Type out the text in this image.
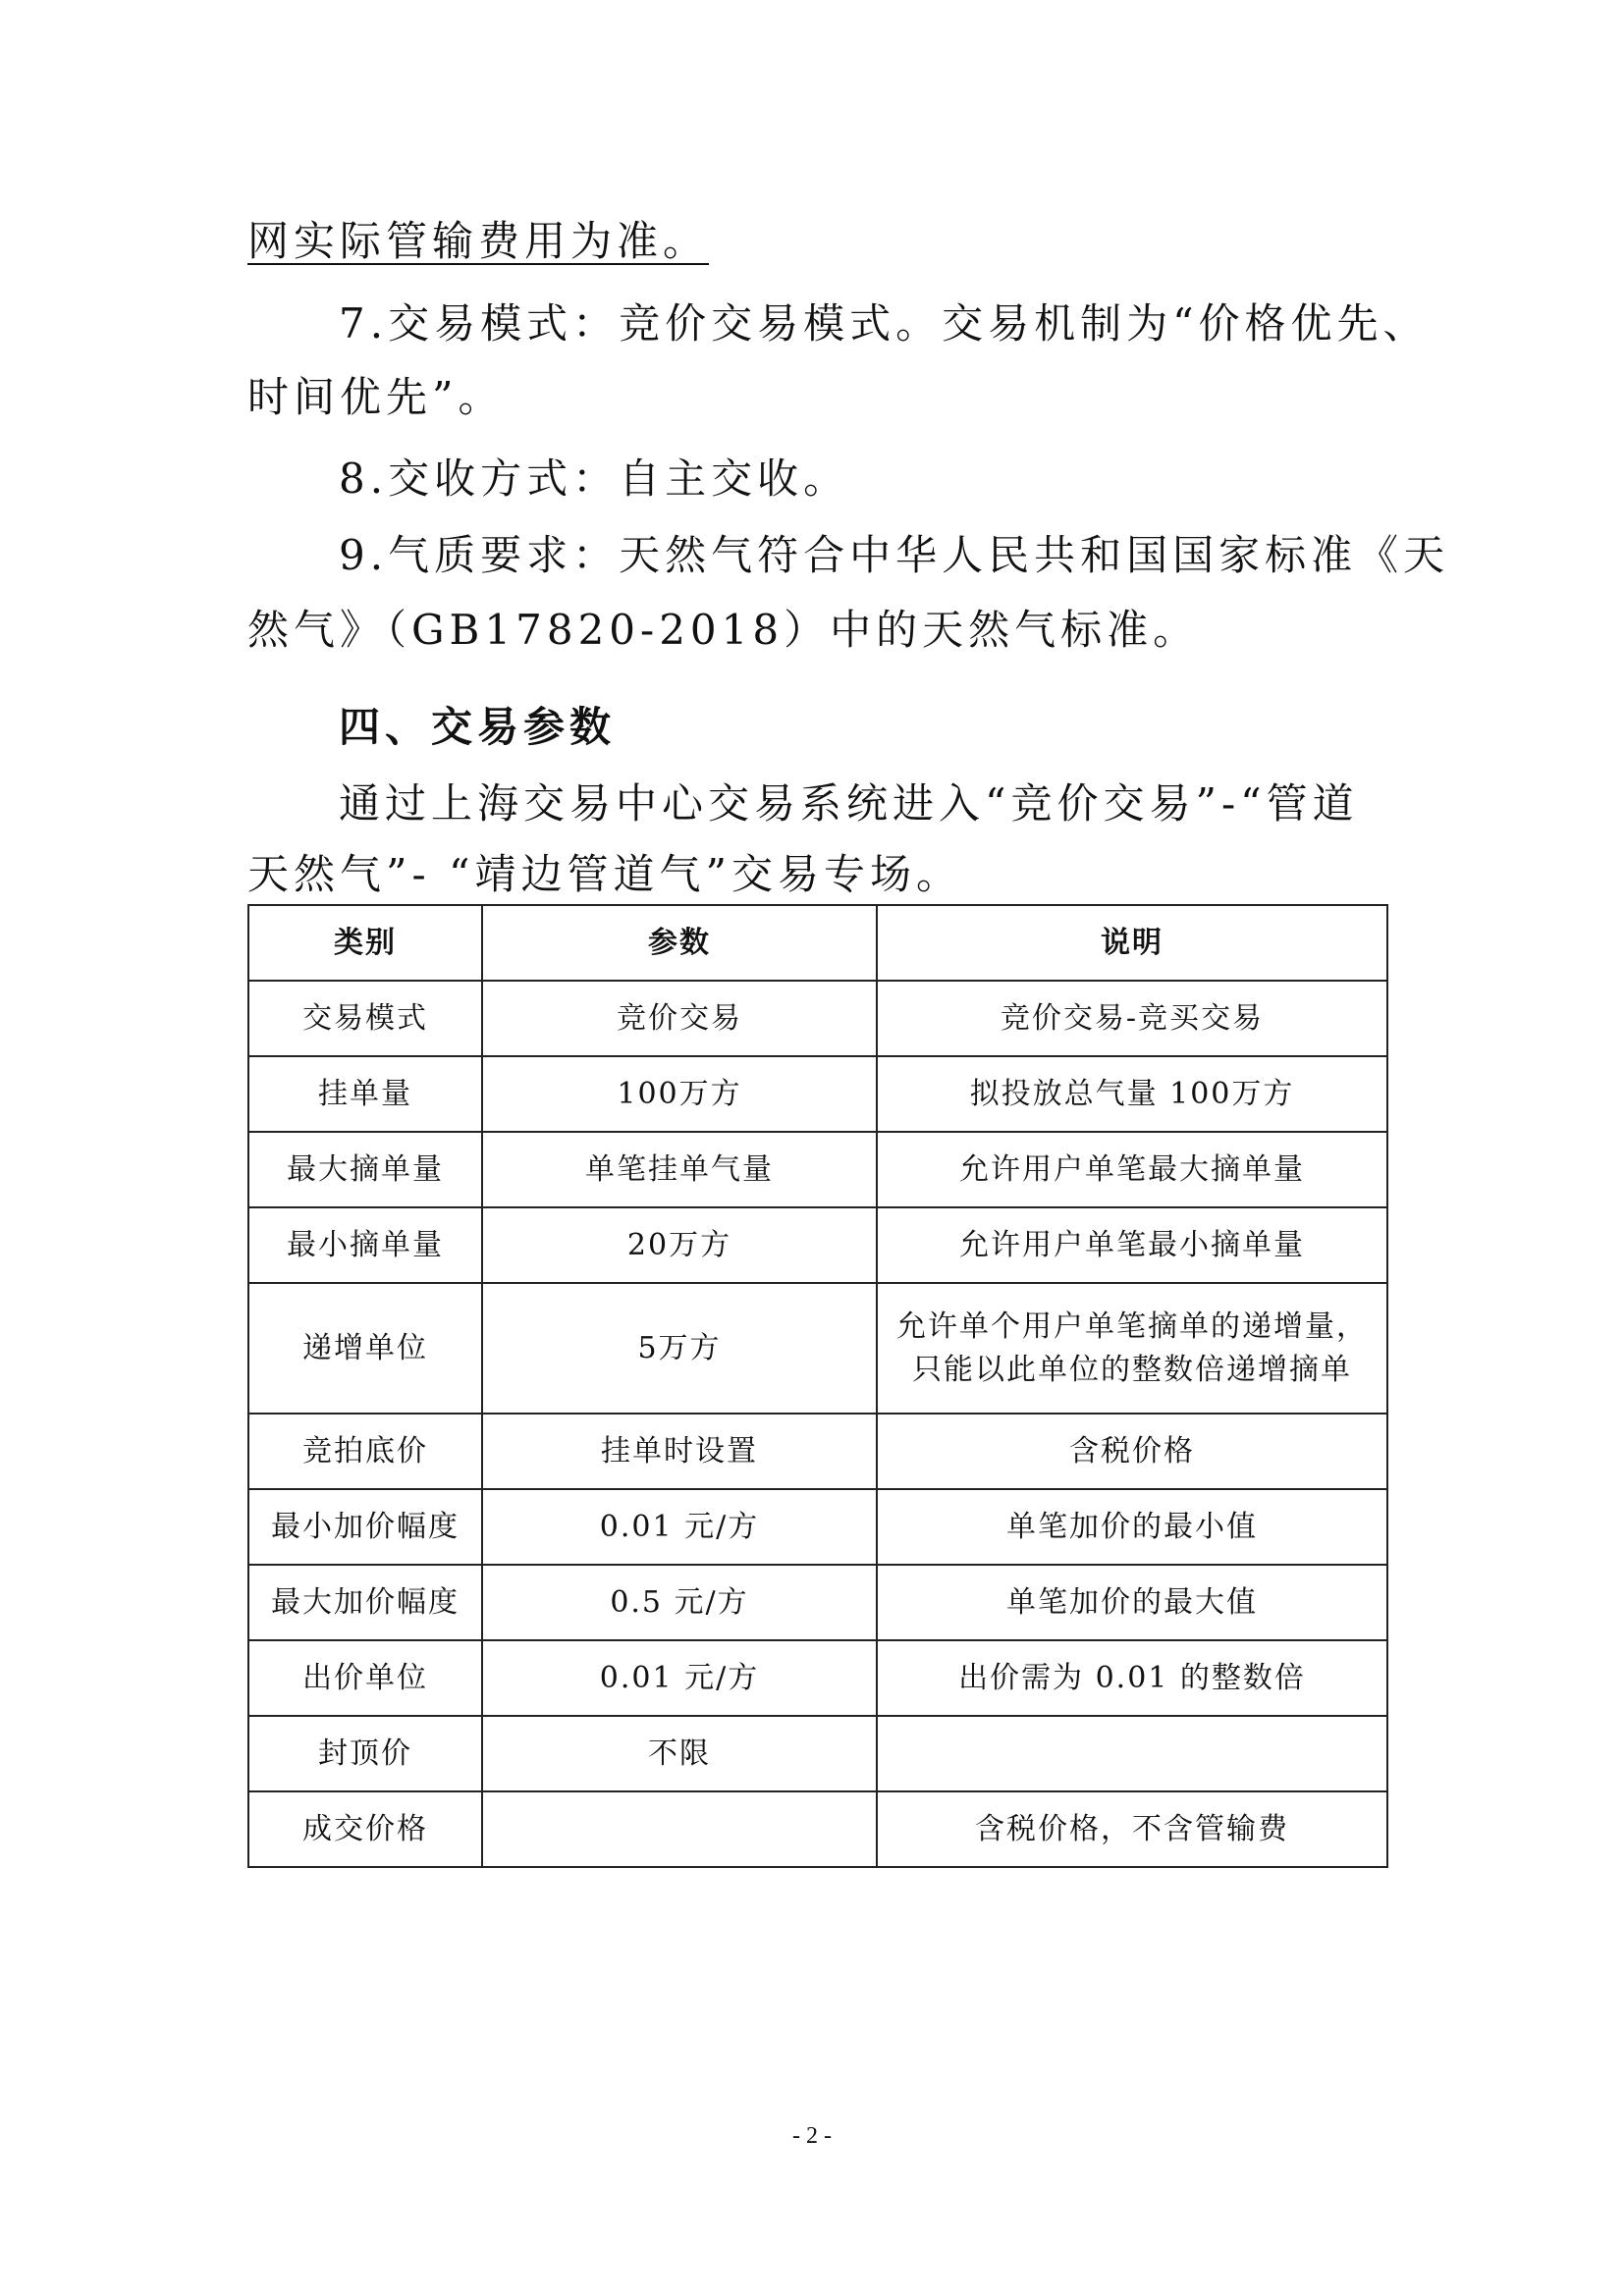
网实际管输费用为准。
7.交易模式：竞价交易模式。交易机制为“价格优先、
时间优先”。
8.交收方式：自主交收。
9.气质要求：天然气符合中华人民共和国国家标准《天
然气》（GB17820-2018）中的天然气标准。
四、交易参数
通过上海交易中心交易系统进入“竞价交易”-“管道
天然气”- “靖边管道气”交易专场。
类别	参数	说明
交易模式	竞价交易	竞价交易-竞买交易
挂单量	100万方	拟投放总气量 100万方
最大摘单量	单笔挂单气量	允许用户单笔最大摘单量
最小摘单量	20万方	允许用户单笔最小摘单量
递增单位	5万方	允许单个用户单笔摘单的递增量，
只能以此单位的整数倍递增摘单

竞拍底价	挂单时设置	含税价格
最小加价幅度	0.01 元/方	单笔加价的最小值
最大加价幅度	0.5 元/方	单笔加价的最大值
出价单位	0.01 元/方	出价需为 0.01 的整数倍
封顶价	不限	
成交价格		含税价格，不含管输费
- 2 -
